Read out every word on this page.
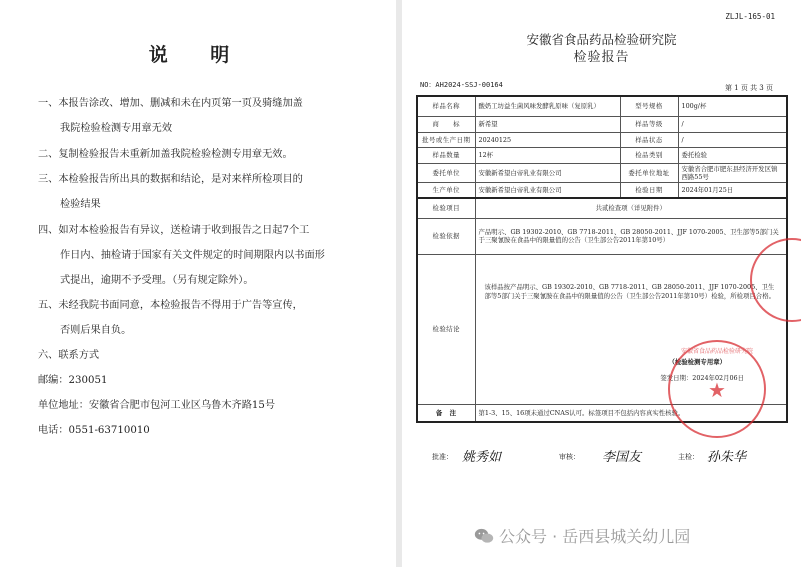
说 明
一、本报告涂改、增加、删减和未在内页第一页及骑缝加盖
我院检验检测专用章无效
二、复制检验报告未重新加盖我院检验检测专用章无效。
三、本检验报告所出具的数据和结论，是对来样所检项目的
检验结果
四、如对本检验报告有异议，送检请于收到报告之日起7个工
作日内、抽检请于国家有关文件规定的时间期限内以书面形
式提出，逾期不予受理。（另有规定除外）。
五、未经我院书面同意，本检验报告不得用于广告等宣传，
否则后果自负。
六、联系方式
邮编：230051
单位地址：安徽省合肥市包河工业区乌鲁木齐路15号
电话：0551-63710010
ZLJL-165-01
安徽省食品药品检验研究院
检验报告
NO：AH2024-SSJ-00164	第 1 页 共 3 页
样品名称	酸奶工坊益生菌风味发酵乳原味（复原乳）	型号规格	100g/杯
商　　标	新希望	样品等级	/
批号或生产日期	20240125	样品状态	/
样品数量	12杯	检品类别	委托检验
委托单位	安徽新希望白帝乳业有限公司	委托单位地址	安徽省合肥市肥东县经济开发区镇西路55号
生产单位	安徽新希望白帝乳业有限公司	检验日期	2024年01月25日
检验项目	共贰检查项（详见附件）		
检验依据	产品明示、GB 19302-2010、GB 7718-2011、GB 28050-2011、JJF 1070-2005、卫生部等5部门关于三聚氰胺在食品中的限量值的公告（卫生部公告2011年第10号）		
检验结论	该样品按产品明示、GB 19302-2010、GB 7718-2011、GB 28050-2011、JJF 1070-2005、卫生部等5部门关于三聚氰胺在食品中的限量值的公告（卫生部公告2011年第10号）检验，所检项目合格。
（检验检测专用章）
签发日期：2024年02月06日		

备　注	第1-3、15、16项未通过CNAS认可。标签项目不包括内容真实性核验。		
安徽省食品药品检验研究院
★
批准： 姚秀如	审核： 李国友	主检： 孙朱华
公众号 · 岳西县城关幼儿园
